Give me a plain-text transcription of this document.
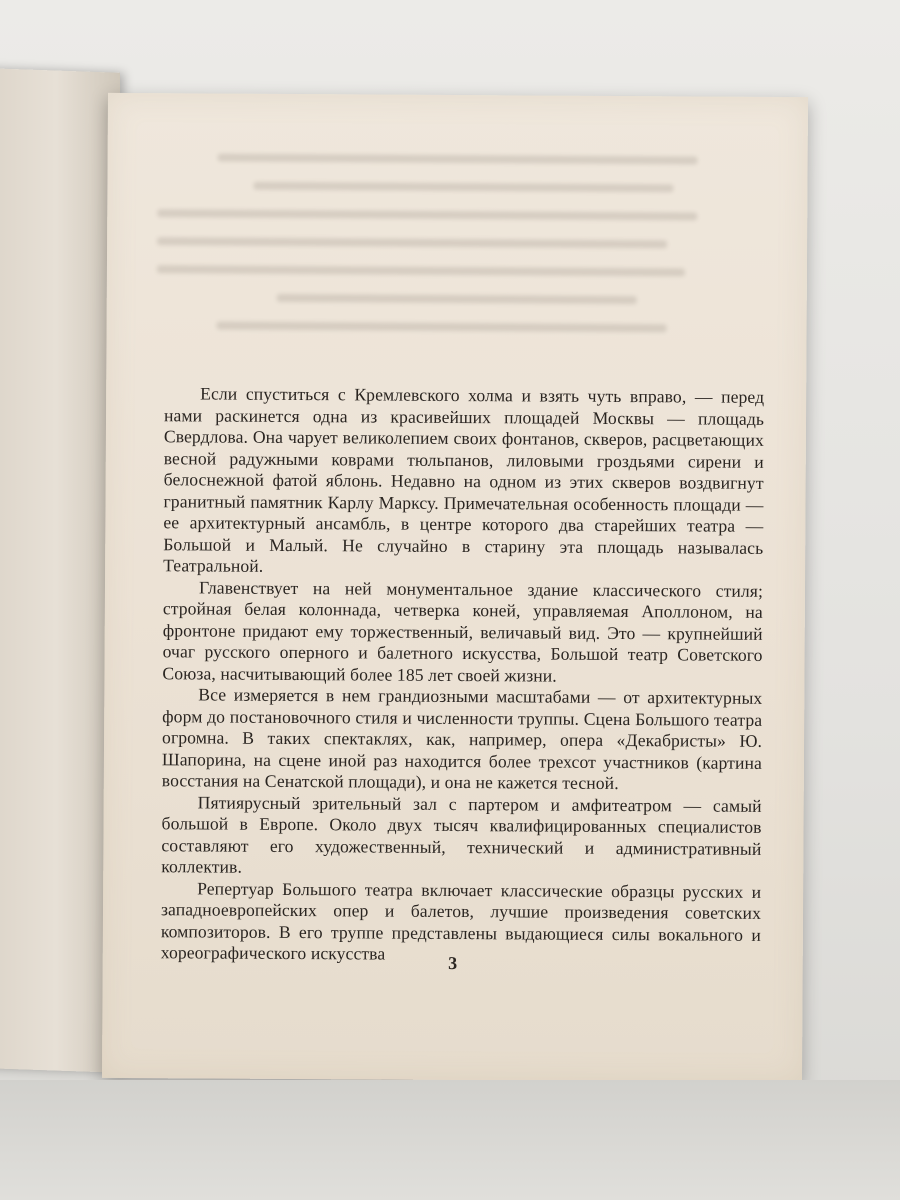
Если спуститься с Кремлевского холма и взять чуть вправо, — перед нами раскинется одна из красивейших площадей Москвы — площадь Свердлова. Она чарует великолепием своих фонтанов, скверов, расцветающих весной радужными коврами тюльпанов, лиловыми гроздьями сирени и белоснежной фатой яблонь. Недавно на одном из этих скверов воздвигнут гранитный памятник Карлу Марксу. Примечательная особенность площади — ее архитектурный ансамбль, в центре которого два старейших театра — Большой и Малый. Не случайно в старину эта площадь называлась Театральной.

Главенствует на ней монументальное здание классического стиля; стройная белая колоннада, четверка коней, управляемая Аполлоном, на фронтоне придают ему торжественный, величавый вид. Это — крупнейший очаг русского оперного и балетного искусства, Большой театр Советского Союза, насчитывающий более 185 лет своей жизни.

Все измеряется в нем грандиозными масштабами — от архитектурных форм до постановочного стиля и численности труппы. Сцена Большого театра огромна. В таких спектаклях, как, например, опера «Декабристы» Ю. Шапорина, на сцене иной раз находится более трехсот участников (картина восстания на Сенатской площади), и она не кажется тесной.

Пятиярусный зрительный зал с партером и амфитеатром — самый большой в Европе. Около двух тысяч квалифицированных специалистов составляют его художественный, технический и административный коллектив.

Репертуар Большого театра включает классические образцы русских и западноевропейских опер и балетов, лучшие произведения советских композиторов. В его труппе представлены выдающиеся силы вокального и хореографического искусства	3
